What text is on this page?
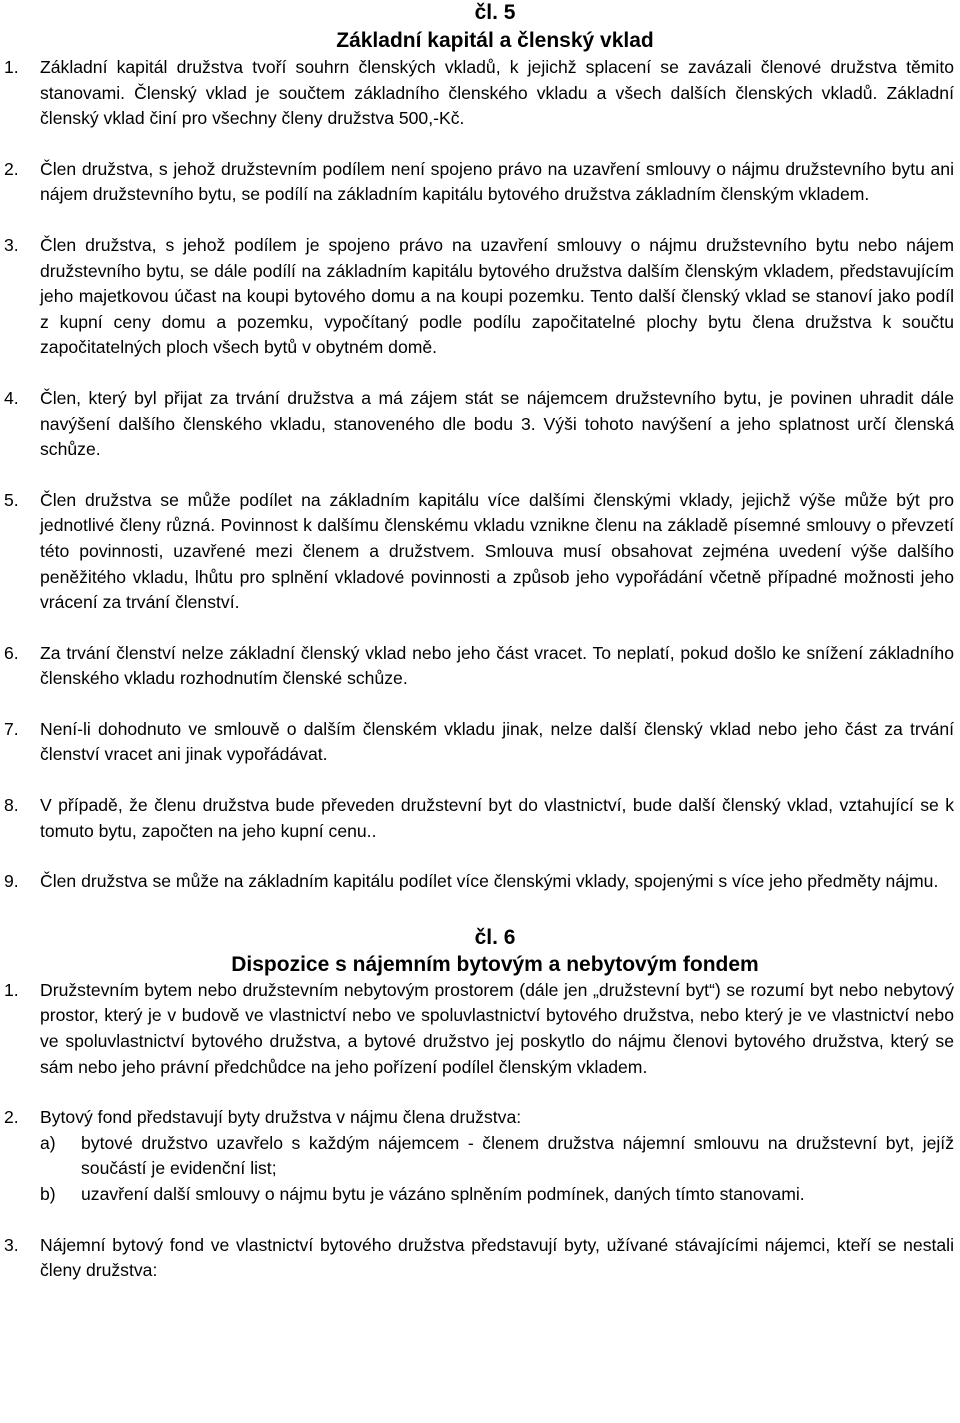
čl. 5
Základní kapitál a členský vklad
1. Základní kapitál družstva tvoří souhrn členských vkladů, k jejichž splacení se zavázali členové družstva těmito stanovami. Členský vklad je součtem základního členského vkladu a všech dalších členských vkladů. Základní členský vklad činí pro všechny členy družstva 500,-Kč.
2. Člen družstva, s jehož družstevním podílem není spojeno právo na uzavření smlouvy o nájmu družstevního bytu ani nájem družstevního bytu, se podílí na základním kapitálu bytového družstva základním členským vkladem.
3. Člen družstva, s jehož podílem je spojeno právo na uzavření smlouvy o nájmu družstevního bytu nebo nájem družstevního bytu, se dále podílí na základním kapitálu bytového družstva dalším členským vkladem, představujícím jeho majetkovou účast na koupi bytového domu a na koupi pozemku. Tento další členský vklad se stanoví jako podíl z kupní ceny domu a pozemku, vypočítaný podle podílu započitatelné plochy bytu člena družstva k součtu započitatelných ploch všech bytů v obytném domě.
4. Člen, který byl přijat za trvání družstva a má zájem stát se nájemcem družstevního bytu, je povinen uhradit dále navýšení dalšího členského vkladu, stanoveného dle bodu 3. Výši tohoto navýšení a jeho splatnost určí členská schůze.
5. Člen družstva se může podílet na základním kapitálu více dalšími členskými vklady, jejichž výše může být pro jednotlivé členy různá. Povinnost k dalšímu členskému vkladu vznikne členu na základě písemné smlouvy o převzetí této povinnosti, uzavřené mezi členem a družstvem. Smlouva musí obsahovat zejména uvedení výše dalšího peněžitého vkladu, lhůtu pro splnění vkladové povinnosti a způsob jeho vypořádání včetně případné možnosti jeho vrácení za trvání členství.
6. Za trvání členství nelze základní členský vklad nebo jeho část vracet. To neplatí, pokud došlo ke snížení základního členského vkladu rozhodnutím členské schůze.
7. Není-li dohodnuto ve smlouvě o dalším členském vkladu jinak, nelze další členský vklad nebo jeho část za trvání členství vracet ani jinak vypořádávat.
8. V případě, že členu družstva bude převeden družstevní byt do vlastnictví, bude další členský vklad, vztahující se k tomuto bytu, započten na jeho kupní cenu..
9. Člen družstva se může na základním kapitálu podílet více členskými vklady, spojenými s více jeho předměty nájmu.
čl. 6
Dispozice s nájemním bytovým a nebytovým fondem
1. Družstevním bytem nebo družstevním nebytovým prostorem (dále jen „družstevní byt“) se rozumí byt nebo nebytový prostor, který je v budově ve vlastnictví nebo ve spoluvlastnictví bytového družstva, nebo který je ve vlastnictví nebo ve spoluvlastnictví bytového družstva, a bytové družstvo jej poskytlo do nájmu členovi bytového družstva, který se sám nebo jeho právní předchůdce na jeho pořízení podílel členským vkladem.
2. Bytový fond představují byty družstva v nájmu člena družstva:
a) bytové družstvo uzavřelo s každým nájemcem - členem družstva nájemní smlouvu na družstevní byt, jejíž součástí je evidenční list;
b) uzavření další smlouvy o nájmu bytu je vázáno splněním podmínek, daných tímto stanovami.
3. Nájemní bytový fond ve vlastnictví bytového družstva představují byty, užívané stávajícími nájemci, kteří se nestali členy družstva:
